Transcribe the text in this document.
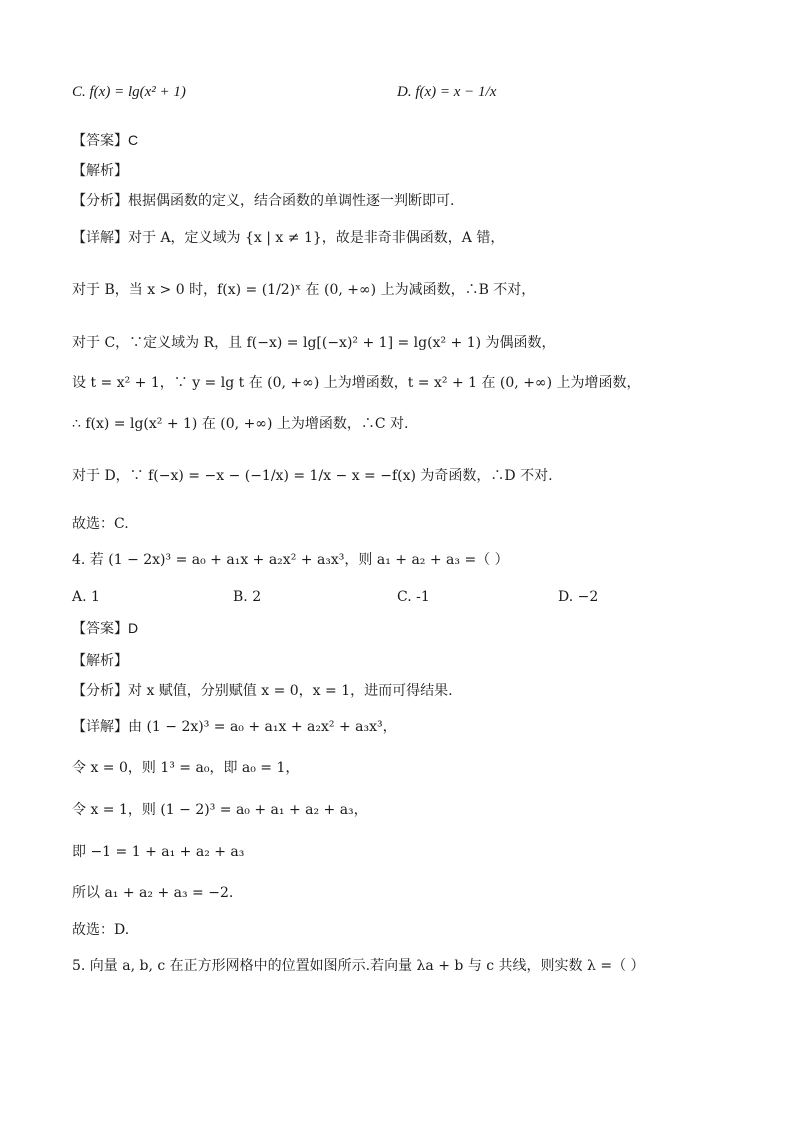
C. f(x) = lg(x² + 1)	D. f(x) = x − 1/x
【答案】C
【解析】
【分析】根据偶函数的定义，结合函数的单调性逐一判断即可.
【详解】对于 A，定义域为 {x | x ≠ 1}，故是非奇非偶函数，A 错，
对于 B，当 x > 0 时，f(x) = (1/2)ˣ 在 (0, +∞) 上为减函数，∴B 不对，
对于 C，∵定义域为 R，且 f(−x) = lg[(−x)² + 1] = lg(x² + 1) 为偶函数，
设 t = x² + 1，∵ y = lg t 在 (0, +∞) 上为增函数，t = x² + 1 在 (0, +∞) 上为增函数，
∴ f(x) = lg(x² + 1) 在 (0, +∞) 上为增函数，∴C 对.
对于 D，∵ f(−x) = −x − (−1/x) = 1/x − x = −f(x) 为奇函数，∴D 不对.
故选：C.
4. 若 (1 − 2x)³ = a₀ + a₁x + a₂x² + a₃x³，则 a₁ + a₂ + a₃ =（ ）
A. 1	B. 2	C. -1	D. −2
【答案】D
【解析】
【分析】对 x 赋值，分别赋值 x = 0，x = 1，进而可得结果.
【详解】由 (1 − 2x)³ = a₀ + a₁x + a₂x² + a₃x³，
令 x = 0，则 1³ = a₀，即 a₀ = 1，
令 x = 1，则 (1 − 2)³ = a₀ + a₁ + a₂ + a₃，
即 −1 = 1 + a₁ + a₂ + a₃
所以 a₁ + a₂ + a₃ = −2.
故选：D.
5. 向量 a, b, c 在正方形网格中的位置如图所示.若向量 λa + b 与 c 共线，则实数 λ =（ ）
